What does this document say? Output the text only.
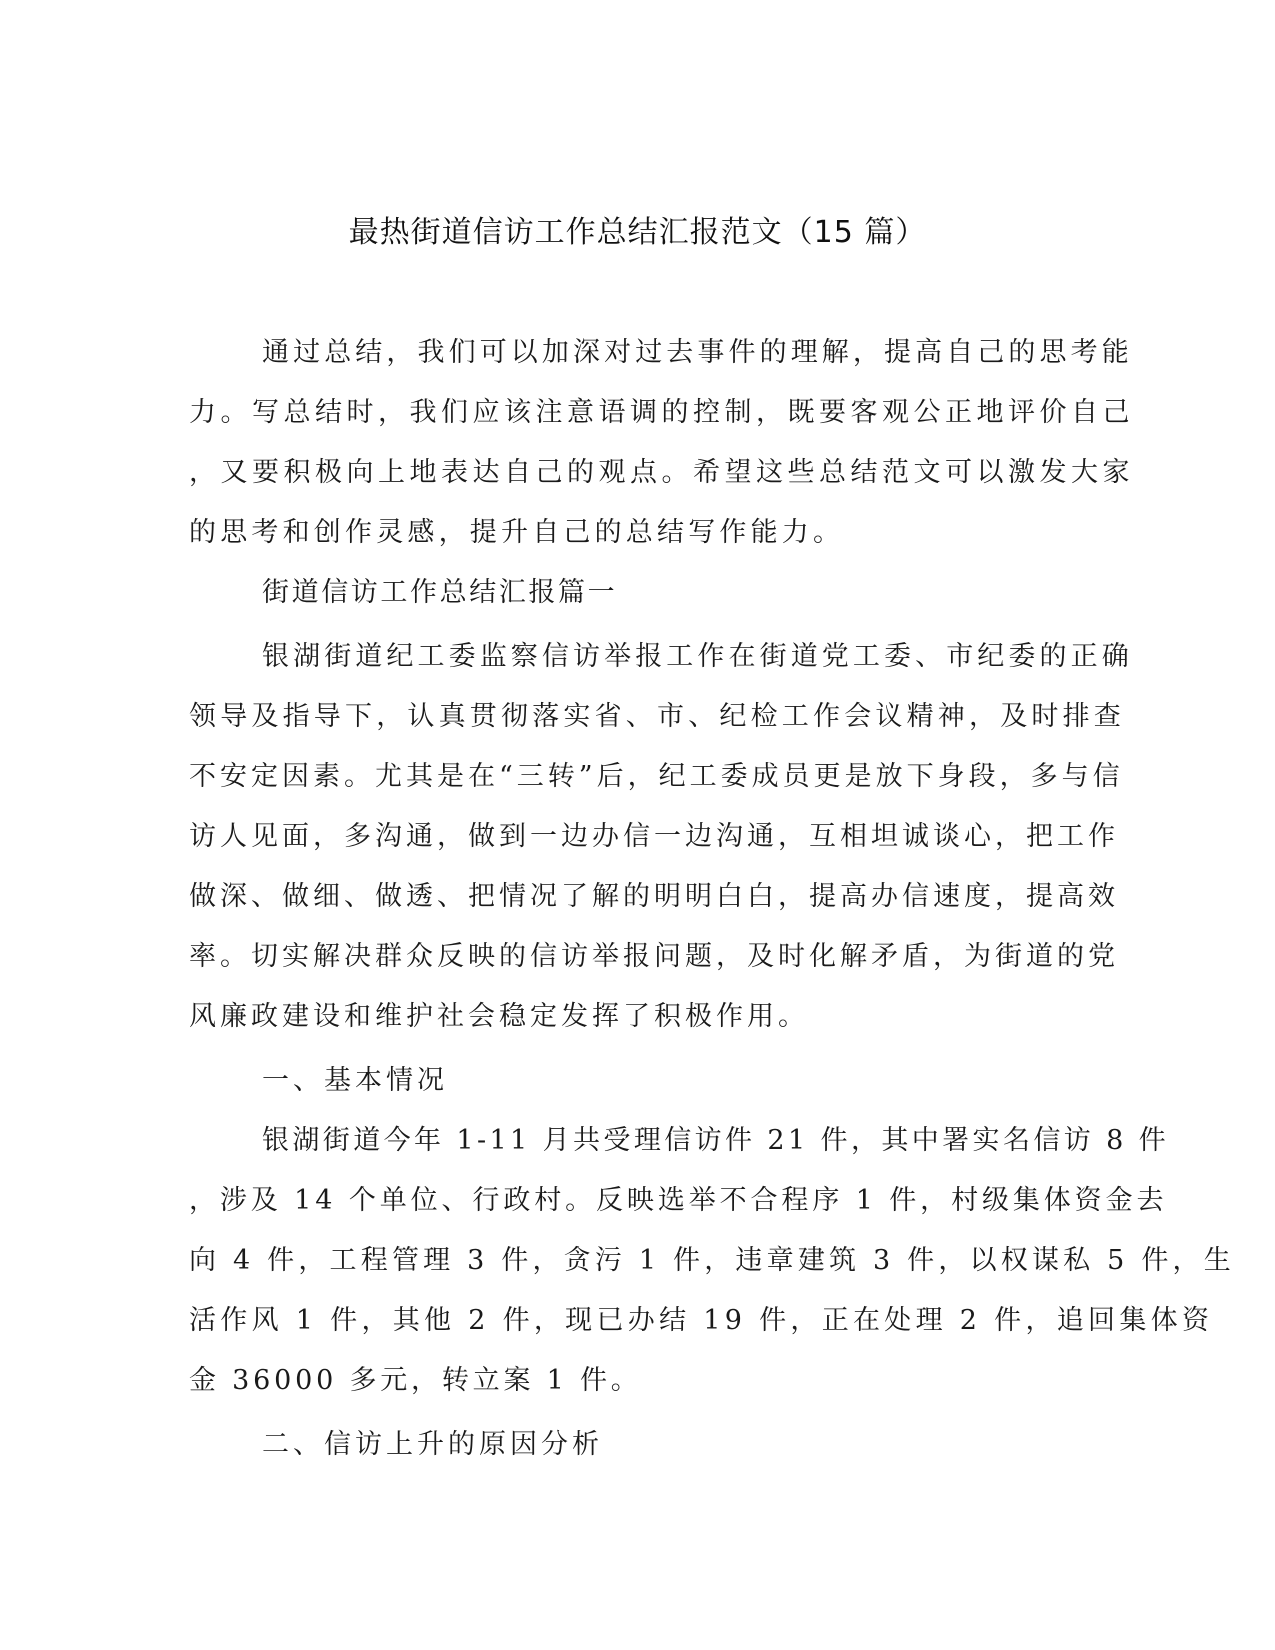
最热街道信访工作总结汇报范文（15 篇）

通过总结，我们可以加深对过去事件的理解，提高自己的思考能

力。写总结时，我们应该注意语调的控制，既要客观公正地评价自己

，又要积极向上地表达自己的观点。希望这些总结范文可以激发大家

的思考和创作灵感，提升自己的总结写作能力。

街道信访工作总结汇报篇一

银湖街道纪工委监察信访举报工作在街道党工委、市纪委的正确

领导及指导下，认真贯彻落实省、市、纪检工作会议精神，及时排查

不安定因素。尤其是在“三转”后，纪工委成员更是放下身段，多与信

访人见面，多沟通，做到一边办信一边沟通，互相坦诚谈心，把工作

做深、做细、做透、把情况了解的明明白白，提高办信速度，提高效

率。切实解决群众反映的信访举报问题，及时化解矛盾，为街道的党

风廉政建设和维护社会稳定发挥了积极作用。

一、基本情况

银湖街道今年 1-11 月共受理信访件 21 件，其中署实名信访 8 件

，涉及 14 个单位、行政村。反映选举不合程序 1 件，村级集体资金去

向 4 件，工程管理 3 件，贪污 1 件，违章建筑 3 件，以权谋私 5 件，生

活作风 1 件，其他 2 件，现已办结 19 件，正在处理 2 件，追回集体资

金 36000 多元，转立案 1 件。

二、信访上升的原因分析
